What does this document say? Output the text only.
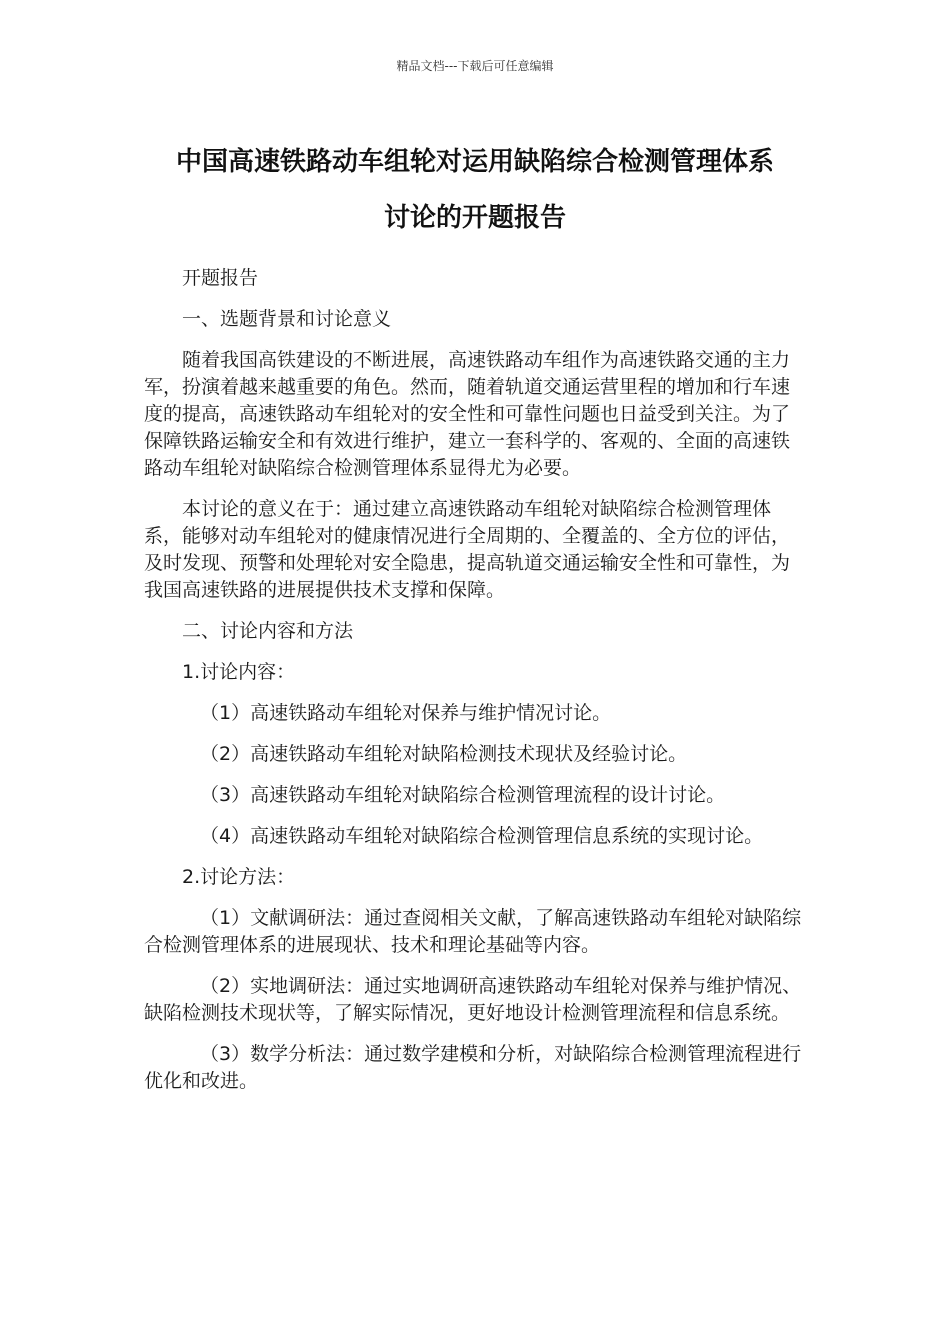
精品文档---下载后可任意编辑
中国高速铁路动车组轮对运用缺陷综合检测管理体系
讨论的开题报告

开题报告

一、选题背景和讨论意义

随着我国高铁建设的不断进展，高速铁路动车组作为高速铁路交通的主力军，扮演着越来越重要的角色。然而，随着轨道交通运营里程的增加和行车速度的提高，高速铁路动车组轮对的安全性和可靠性问题也日益受到关注。为了保障铁路运输安全和有效进行维护，建立一套科学的、客观的、全面的高速铁路动车组轮对缺陷综合检测管理体系显得尤为必要。

本讨论的意义在于：通过建立高速铁路动车组轮对缺陷综合检测管理体系，能够对动车组轮对的健康情况进行全周期的、全覆盖的、全方位的评估，及时发现、预警和处理轮对安全隐患，提高轨道交通运输安全性和可靠性，为我国高速铁路的进展提供技术支撑和保障。

二、讨论内容和方法

1.讨论内容：

（1）高速铁路动车组轮对保养与维护情况讨论。

（2）高速铁路动车组轮对缺陷检测技术现状及经验讨论。

（3）高速铁路动车组轮对缺陷综合检测管理流程的设计讨论。

（4）高速铁路动车组轮对缺陷综合检测管理信息系统的实现讨论。

2.讨论方法：

（1）文献调研法：通过查阅相关文献，了解高速铁路动车组轮对缺陷综合检测管理体系的进展现状、技术和理论基础等内容。

（2）实地调研法：通过实地调研高速铁路动车组轮对保养与维护情况、缺陷检测技术现状等，了解实际情况，更好地设计检测管理流程和信息系统。

（3）数学分析法：通过数学建模和分析，对缺陷综合检测管理流程进行优化和改进。
